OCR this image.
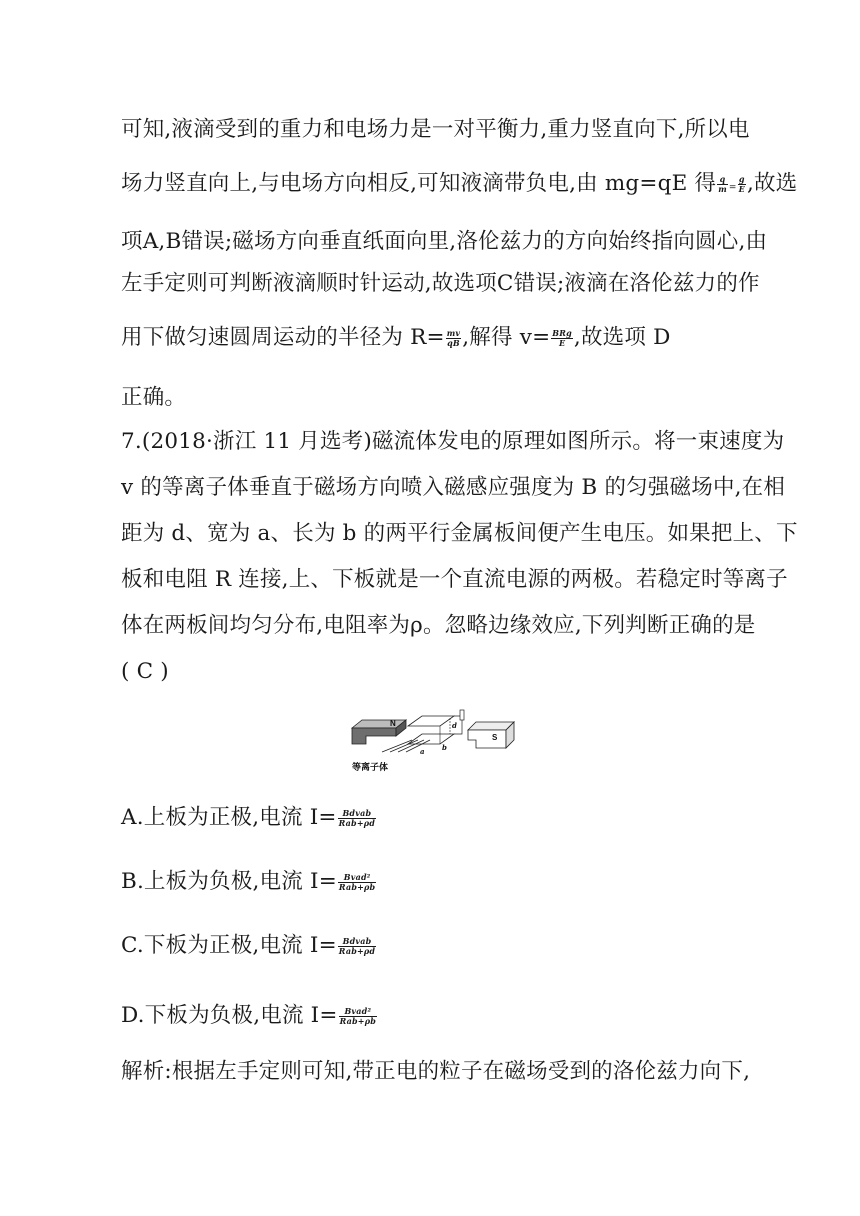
可知,液滴受到的重力和电场力是一对平衡力,重力竖直向下,所以电
场力竖直向上,与电场方向相反,可知液滴带负电,由 mg=qE 得 $\frac{q}{m} = \frac{g}{E}$ ,故选
项A,B错误;磁场方向垂直纸面向里,洛伦兹力的方向始终指向圆心,由
左手定则可判断液滴顺时针运动,故选项C错误;液滴在洛伦兹力的作
用下做匀速圆周运动的半径为 $R= \frac{mv}{qB}$ ,解得 $v= \frac{\text{BRg}}{E}$ ,故选项 D
正确。
7.(2018·浙江 11 月选考)磁流体发电的原理如图所示。将一束速度为
v 的等离子体垂直于磁场方向喷入磁感应强度为 B 的匀强磁场中,在相
距为 d、宽为 a、长为 b 的两平行金属板间便产生电压。如果把上、下
板和电阻 R 连接,上、下板就是一个直流电源的两极。若稳定时等离子
体在两板间均匀分布,电阻率为ρ。忽略边缘效应,下列判断正确的是
( C )
N
S
d
a b
等离子体
A.上板为正极,电流 $I= \frac{\text{Bdvab}}{\text{Rab+ρd}}$
B.上板为负极,电流 $I= \frac{\text{Bvad²}}{\text{Rab+ρb}}$
C.下板为正极,电流 $I= \frac{\text{Bdvab}}{\text{Rab+ρd}}$
D.下板为负极,电流 $I= \frac{\text{Bvad²}}{\text{Rab+ρb}}$
解析:根据左手定则可知,带正电的粒子在磁场受到的洛伦兹力向下,
